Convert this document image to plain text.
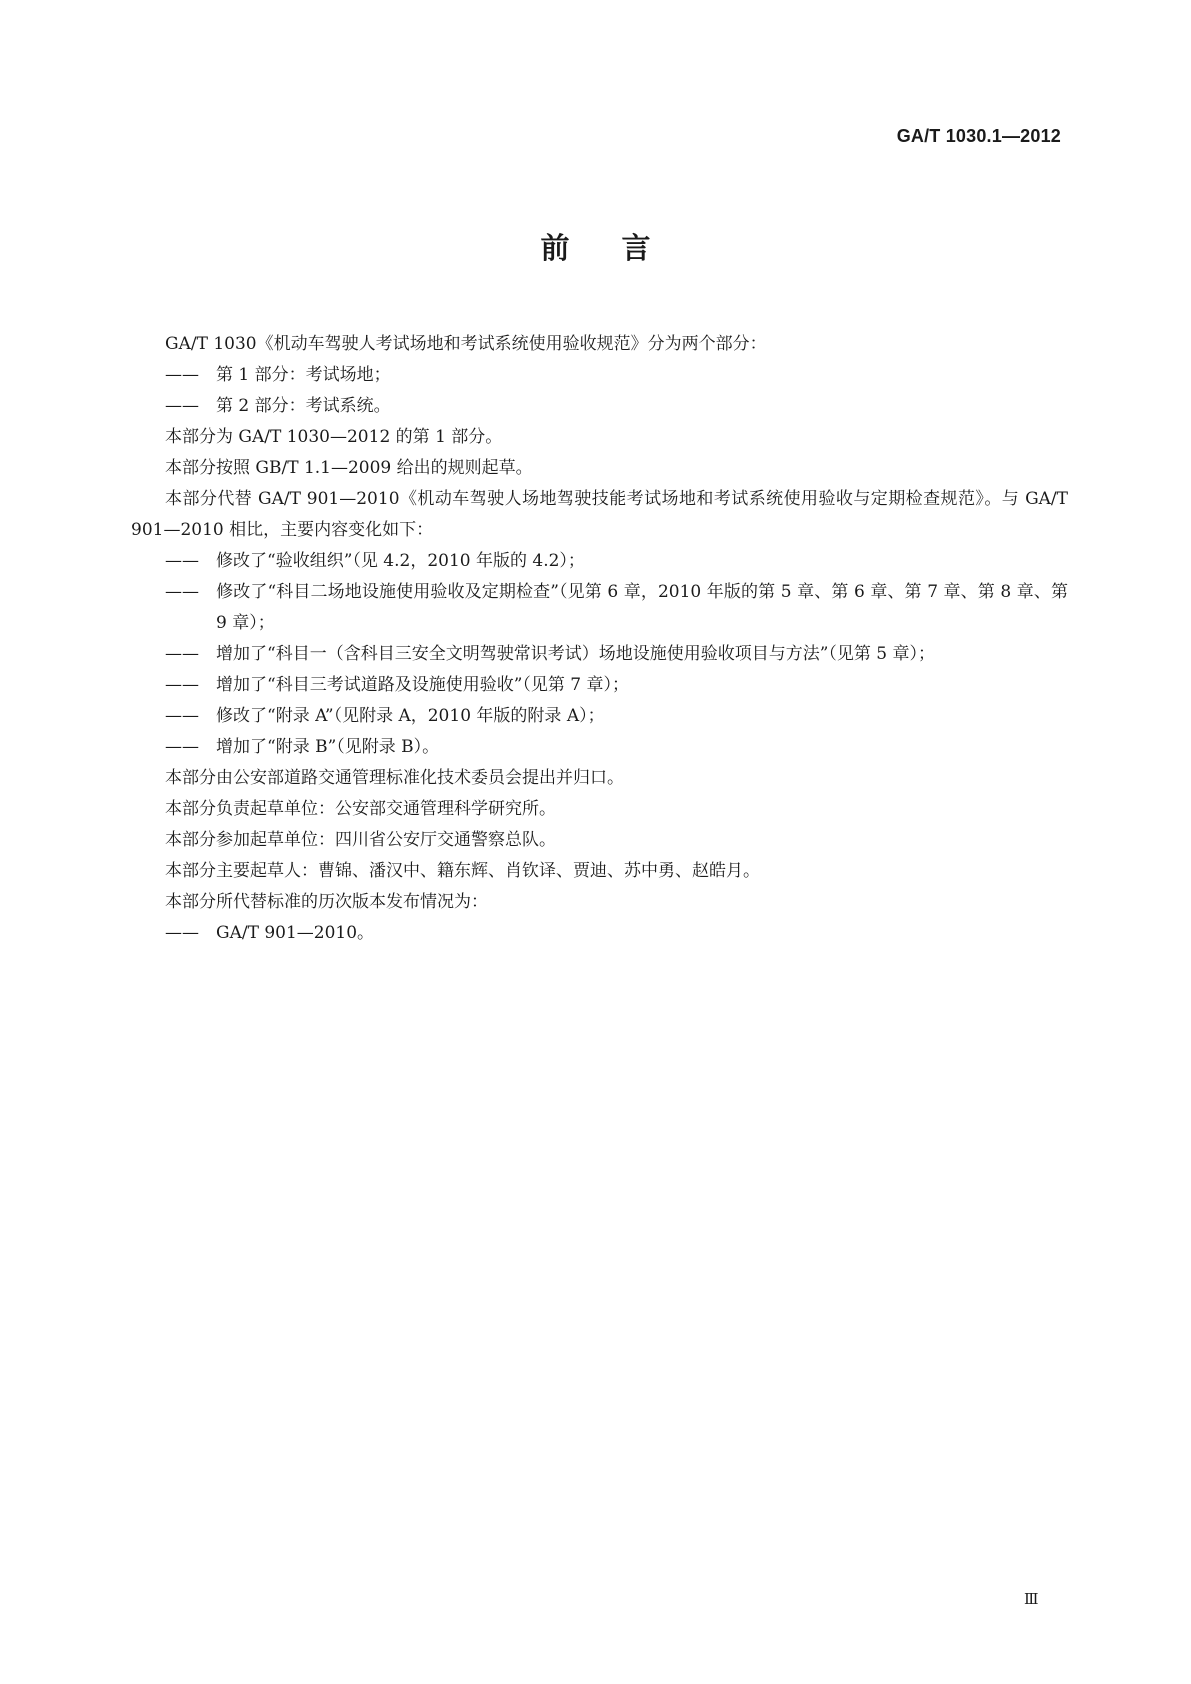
GA/T 1030.1—2012
前言

GA/T 1030《机动车驾驶人考试场地和考试系统使用验收规范》分为两个部分：

—— 第 1 部分：考试场地；

—— 第 2 部分：考试系统。

本部分为 GA/T 1030—2012 的第 1 部分。

本部分按照 GB/T 1.1—2009 给出的规则起草。

本部分代替 GA/T 901—2010《机动车驾驶人场地驾驶技能考试场地和考试系统使用验收与定期检查规范》。与 GA/T 901—2010 相比，主要内容变化如下：

—— 修改了“验收组织”（见 4.2，2010 年版的 4.2）；

—— 修改了“科目二场地设施使用验收及定期检查”（见第 6 章，2010 年版的第 5 章、第 6 章、第 7 章、第 8 章、第 9 章）；

—— 增加了“科目一（含科目三安全文明驾驶常识考试）场地设施使用验收项目与方法”（见第 5 章）；

—— 增加了“科目三考试道路及设施使用验收”（见第 7 章）；

—— 修改了“附录 A”（见附录 A，2010 年版的附录 A）；

—— 增加了“附录 B”（见附录 B）。

本部分由公安部道路交通管理标准化技术委员会提出并归口。

本部分负责起草单位：公安部交通管理科学研究所。

本部分参加起草单位：四川省公安厅交通警察总队。

本部分主要起草人：曹锦、潘汉中、籍东辉、肖钦译、贾迪、苏中勇、赵皓月。

本部分所代替标准的历次版本发布情况为：

—— GA/T 901—2010。

Ⅲ
